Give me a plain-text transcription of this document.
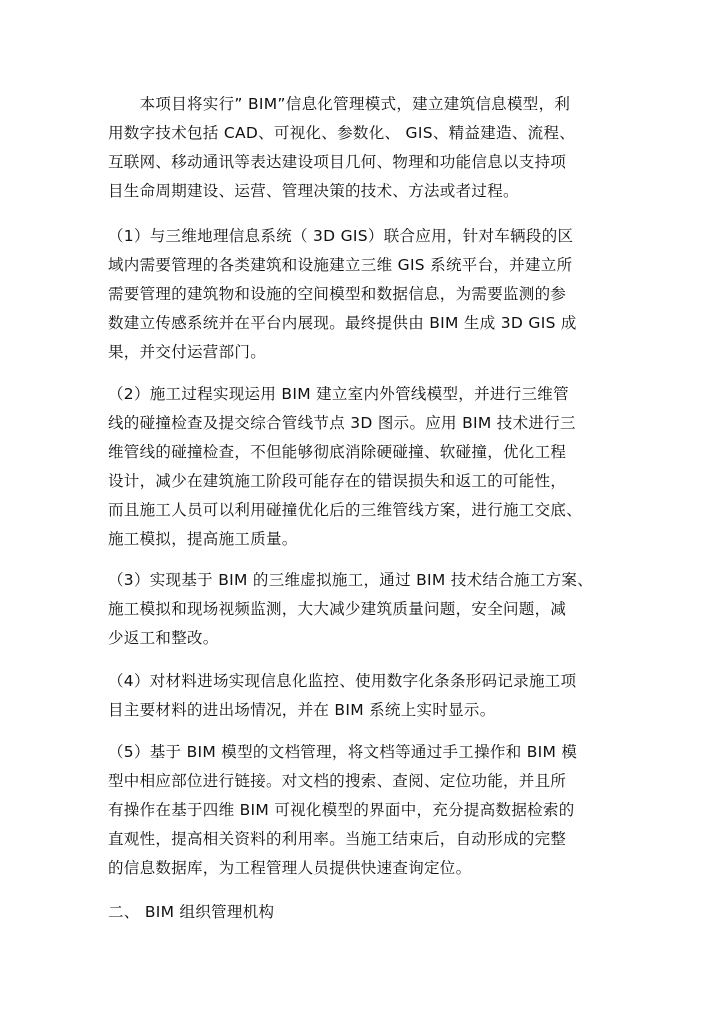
　　本项目将实行” BIM”信息化管理模式，建立建筑信息模型，利
用数字技术包括 CAD、可视化、参数化、 GIS、精益建造、流程、
互联网、移动通讯等表达建设项目几何、物理和功能信息以支持项
目生命周期建设、运营、管理决策的技术、方法或者过程。
（1）与三维地理信息系统（ 3D GIS）联合应用，针对车辆段的区
域内需要管理的各类建筑和设施建立三维 GIS 系统平台，并建立所
需要管理的建筑物和设施的空间模型和数据信息，为需要监测的参
数建立传感系统并在平台内展现。最终提供由 BIM 生成 3D GIS 成
果，并交付运营部门。
（2）施工过程实现运用 BIM 建立室内外管线模型，并进行三维管
线的碰撞检查及提交综合管线节点 3D 图示。应用 BIM 技术进行三
维管线的碰撞检查，不但能够彻底消除硬碰撞、软碰撞，优化工程
设计，减少在建筑施工阶段可能存在的错误损失和返工的可能性，
而且施工人员可以利用碰撞优化后的三维管线方案，进行施工交底、
施工模拟，提高施工质量。
（3）实现基于 BIM 的三维虚拟施工，通过 BIM 技术结合施工方案、
施工模拟和现场视频监测，大大减少建筑质量问题，安全问题，减
少返工和整改。
（4）对材料进场实现信息化监控、使用数字化条条形码记录施工项
目主要材料的进出场情况，并在 BIM 系统上实时显示。
（5）基于 BIM 模型的文档管理，将文档等通过手工操作和 BIM 模
型中相应部位进行链接。对文档的搜索、查阅、定位功能，并且所
有操作在基于四维 BIM 可视化模型的界面中，充分提高数据检索的
直观性，提高相关资料的利用率。当施工结束后，自动形成的完整
的信息数据库，为工程管理人员提供快速查询定位。
二、 BIM 组织管理机构
